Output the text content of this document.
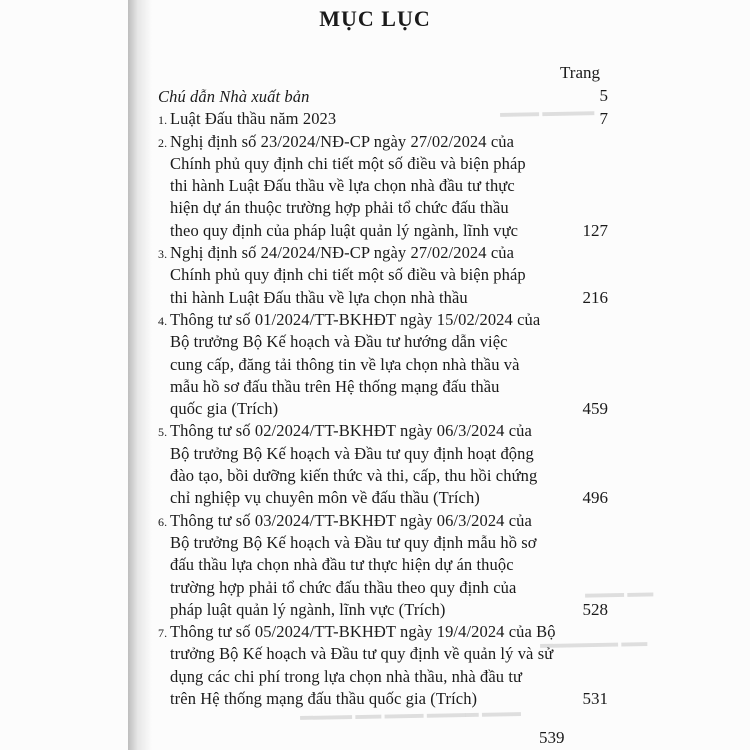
▬▬▬ ▬▬▬▬
▬▬▬ ▬▬
▬▬▬▬▬▬ ▬▬
▬▬▬▬ ▬▬ ▬▬▬ ▬▬▬▬ ▬▬▬
MỤC LỤC
Trang
Chú dẫn Nhà xuất bản	5
1. Luật Đấu thầu năm 2023	7
2. Nghị định số 23/2024/NĐ-CP ngày 27/02/2024 của
Chính phủ quy định chi tiết một số điều và biện pháp
thi hành Luật Đấu thầu về lựa chọn nhà đầu tư thực
hiện dự án thuộc trường hợp phải tổ chức đấu thầu
theo quy định của pháp luật quản lý ngành, lĩnh vực	127
3. Nghị định số 24/2024/NĐ-CP ngày 27/02/2024 của
Chính phủ quy định chi tiết một số điều và biện pháp
thi hành Luật Đấu thầu về lựa chọn nhà thầu	216
4. Thông tư số 01/2024/TT-BKHĐT ngày 15/02/2024 của
Bộ trưởng Bộ Kế hoạch và Đầu tư hướng dẫn việc
cung cấp, đăng tải thông tin về lựa chọn nhà thầu và
mẫu hồ sơ đấu thầu trên Hệ thống mạng đấu thầu
quốc gia (Trích)	459
5. Thông tư số 02/2024/TT-BKHĐT ngày 06/3/2024 của
Bộ trưởng Bộ Kế hoạch và Đầu tư quy định hoạt động
đào tạo, bồi dưỡng kiến thức và thi, cấp, thu hồi chứng
chỉ nghiệp vụ chuyên môn về đấu thầu (Trích)	496
6. Thông tư số 03/2024/TT-BKHĐT ngày 06/3/2024 của
Bộ trưởng Bộ Kế hoạch và Đầu tư quy định mẫu hồ sơ
đấu thầu lựa chọn nhà đầu tư thực hiện dự án thuộc
trường hợp phải tổ chức đấu thầu theo quy định của
pháp luật quản lý ngành, lĩnh vực (Trích)	528
7. Thông tư số 05/2024/TT-BKHĐT ngày 19/4/2024 của Bộ
trưởng Bộ Kế hoạch và Đầu tư quy định về quản lý và sử
dụng các chi phí trong lựa chọn nhà thầu, nhà đầu tư
trên Hệ thống mạng đấu thầu quốc gia (Trích)	531
539
